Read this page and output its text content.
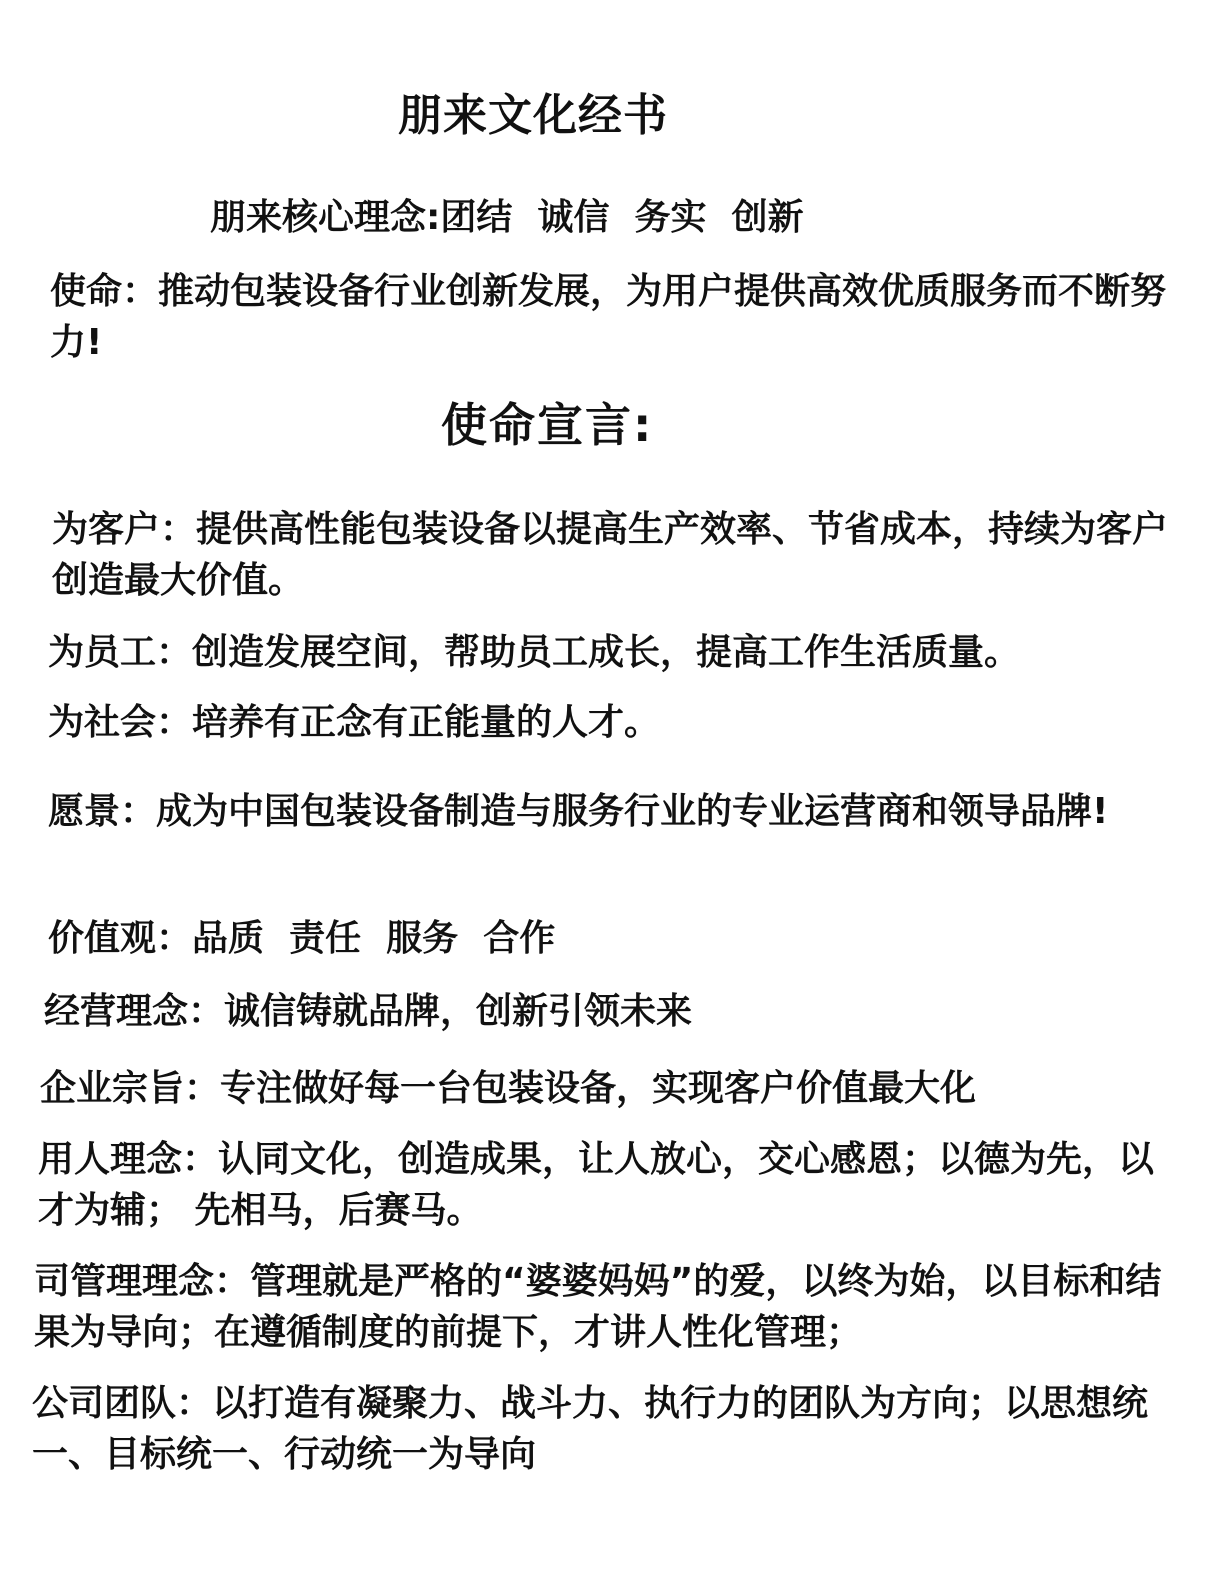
朋来文化经书

朋来核心理念:团结  诚信  务实  创新

使命：推动包装设备行业创新发展，为用户提供高效优质服务而不断努力!

使命宣言:

为客户：提供高性能包装设备以提高生产效率、节省成本，持续为客户创造最大价值。

为员工：创造发展空间，帮助员工成长，提高工作生活质量。

为社会：培养有正念有正能量的人才。

愿景：成为中国包装设备制造与服务行业的专业运营商和领导品牌!

价值观：品质  责任  服务  合作

经营理念：诚信铸就品牌，创新引领未来

企业宗旨：专注做好每一台包装设备，实现客户价值最大化

用人理念：认同文化，创造成果，让人放心，交心感恩；以德为先，以才为辅； 先相马，后赛马。

司管理理念：管理就是严格的“婆婆妈妈”的爱，以终为始，以目标和结果为导向；在遵循制度的前提下，才讲人性化管理；

公司团队：以打造有凝聚力、战斗力、执行力的团队为方向；以思想统一、目标统一、行动统一为导向
